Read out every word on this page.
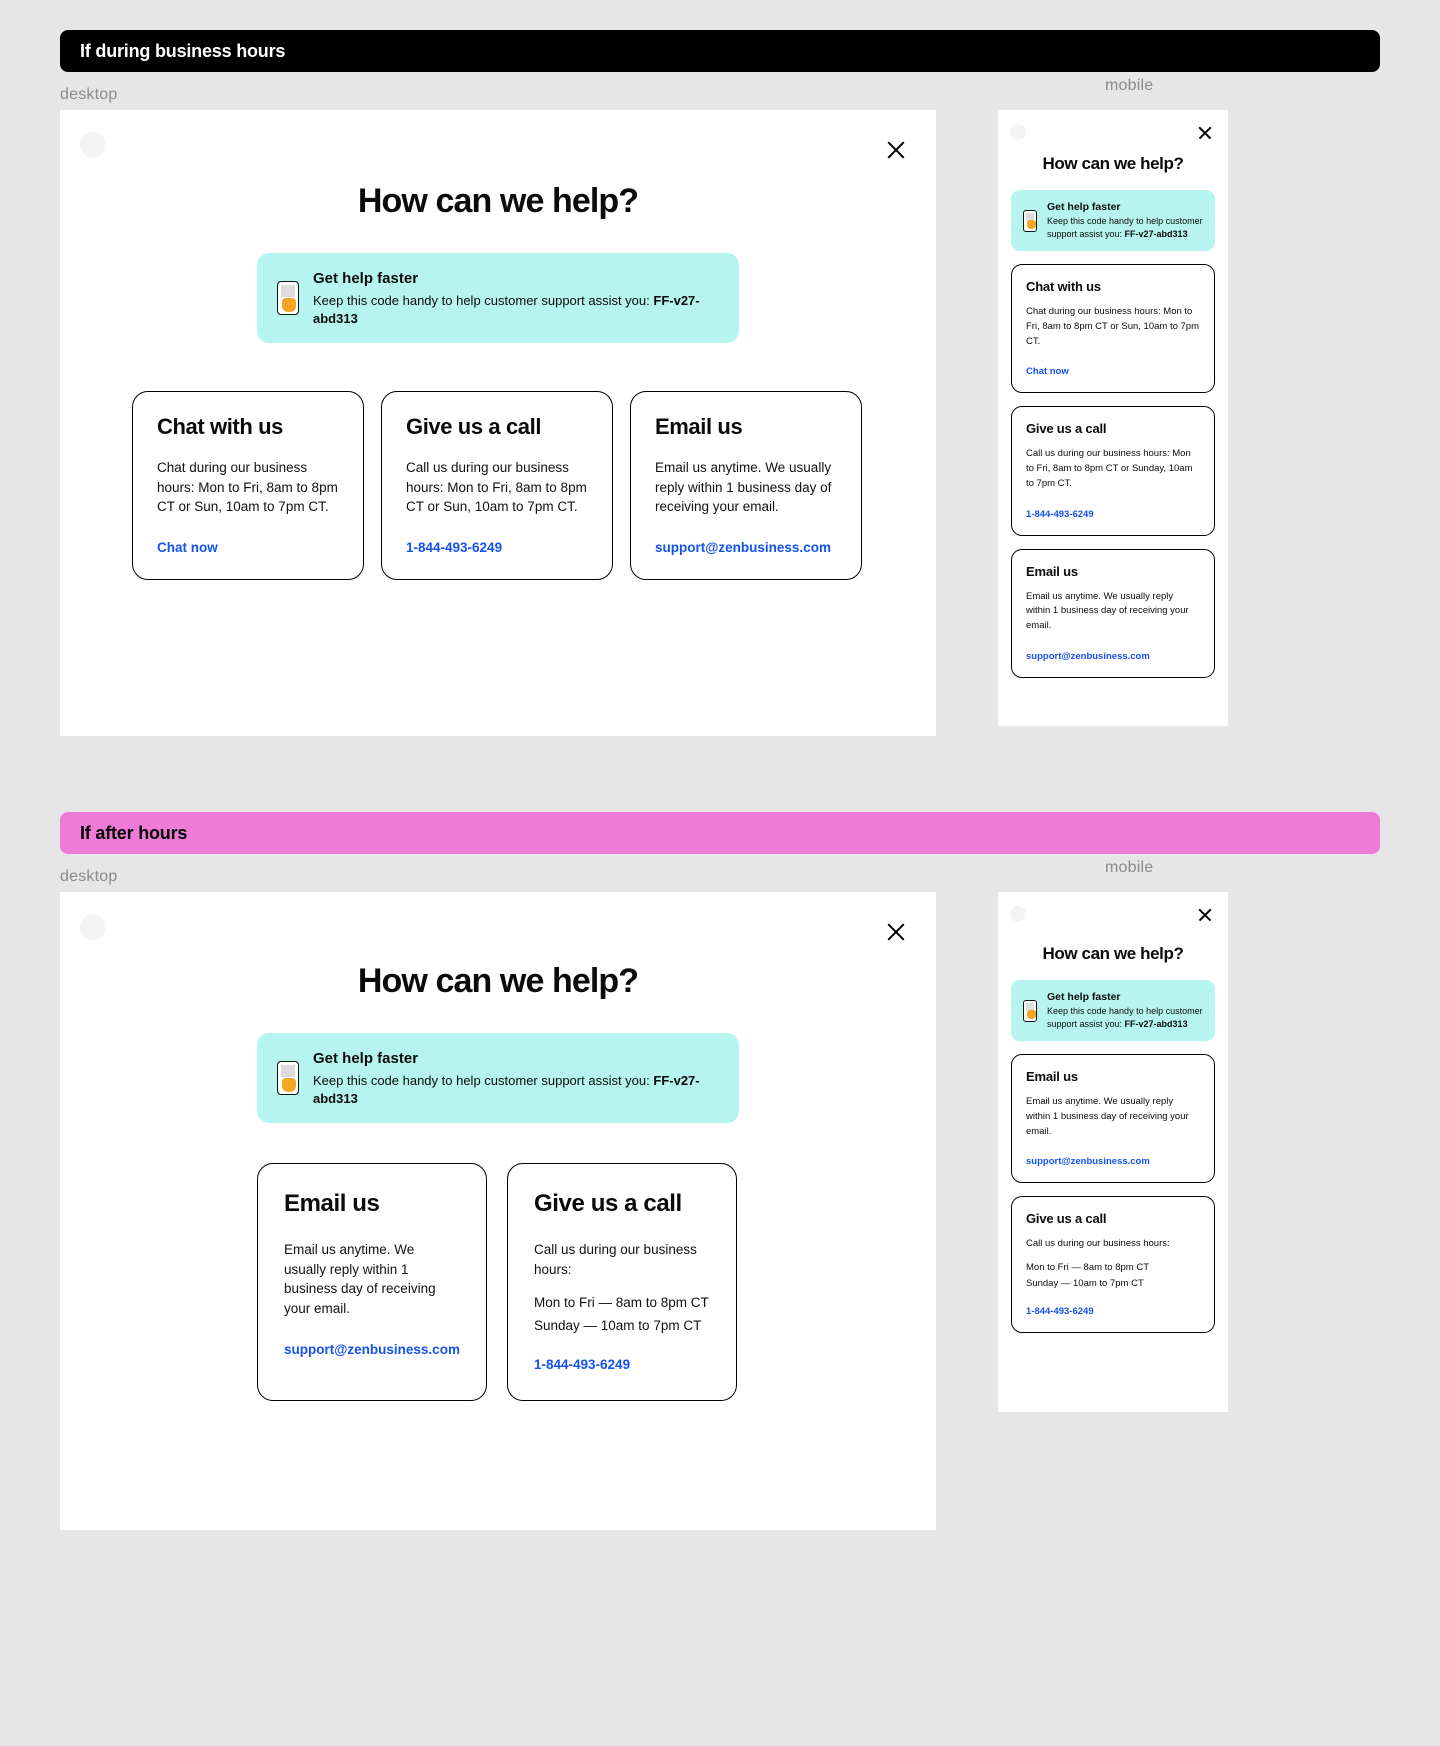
If during business hours
desktop
mobile
How can we help?

Get help faster

Keep this code handy to help customer support assist you: FF-v27-abd313

Chat with us

Chat during our business hours: Mon to Fri, 8am to 8pm CT or Sun, 10am to 7pm CT.

Chat now
Give us a call

Call us during our business hours: Mon to Fri, 8am to 8pm CT or Sun, 10am to 7pm CT.

1-844-493-6249
Email us

Email us anytime. We usually reply within 1 business day of receiving your email.

support@zenbusiness.com
How can we help?

Get help faster

Keep this code handy to help customer support assist you: FF-v27-abd313

Chat with us

Chat during our business hours: Mon to Fri, 8am to 8pm CT or Sun, 10am to 7pm CT.

Chat now
Give us a call

Call us during our business hours: Mon to Fri, 8am to 8pm CT or Sunday, 10am to 7pm CT.

1-844-493-6249
Email us

Email us anytime. We usually reply within 1 business day of receiving your email.

support@zenbusiness.com
If after hours
desktop
mobile
How can we help?

Get help faster

Keep this code handy to help customer support assist you: FF-v27-abd313

Email us

Email us anytime. We usually reply within 1 business day of receiving your email.

support@zenbusiness.com
Give us a call

Call us during our business hours:

Mon to Fri — 8am to 8pm CT

Sunday — 10am to 7pm CT

1-844-493-6249
How can we help?

Get help faster

Keep this code handy to help customer support assist you: FF-v27-abd313

Email us

Email us anytime. We usually reply within 1 business day of receiving your email.

support@zenbusiness.com
Give us a call

Call us during our business hours:

Mon to Fri — 8am to 8pm CT

Sunday — 10am to 7pm CT

1-844-493-6249
